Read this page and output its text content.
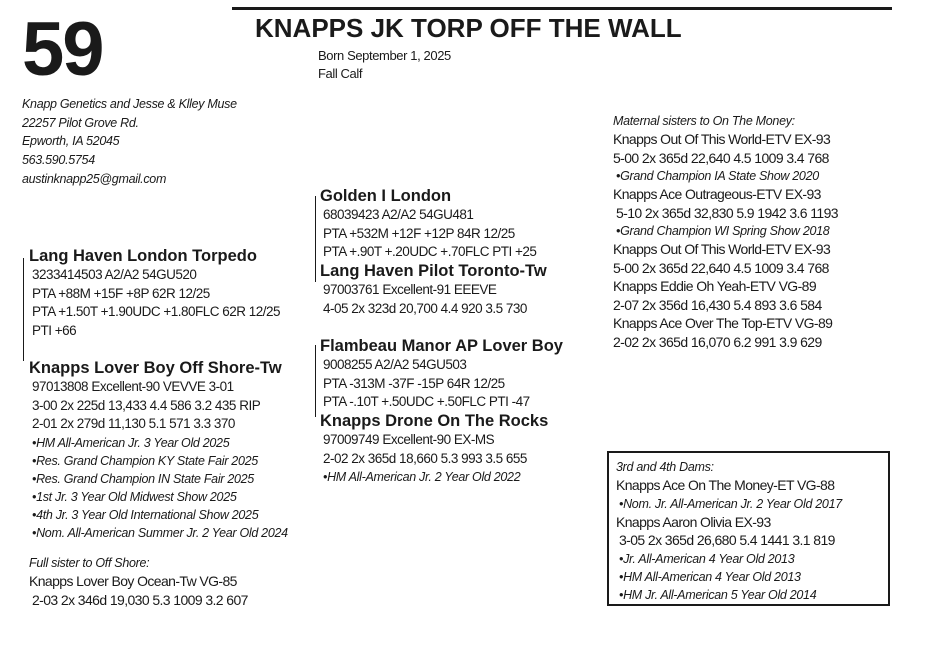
59	KNAPPS JK TORP OFF THE WALL
Born September 1, 2025
Fall Calf
Knapp Genetics and Jesse & Klley Muse
22257 Pilot Grove Rd.
Epworth, IA 52045
563.590.5754
austinknapp25@gmail.com
Lang Haven London Torpedo
3233414503 A2/A2 54GU520
PTA +88M +15F +8P 62R 12/25
PTA +1.50T +1.90UDC +1.80FLC 62R 12/25
PTI +66
Knapps Lover Boy Off Shore-Tw
97013808 Excellent-90 VEVVE 3-01
3-00 2x 225d 13,433 4.4 586 3.2 435 RIP
2-01 2x 279d 11,130 5.1 571 3.3 370
•HM All-American Jr. 3 Year Old 2025
•Res. Grand Champion KY State Fair 2025
•Res. Grand Champion IN State Fair 2025
•1st Jr. 3 Year Old Midwest Show 2025
•4th Jr. 3 Year Old International Show 2025
•Nom. All-American Summer Jr. 2 Year Old 2024
Full sister to Off Shore:
Knapps Lover Boy Ocean-Tw VG-85
2-03 2x 346d 19,030 5.3 1009 3.2 607
Golden I London
68039423 A2/A2 54GU481
PTA +532M +12F +12P 84R 12/25
PTA +.90T +.20UDC +.70FLC PTI +25
Lang Haven Pilot Toronto-Tw
97003761 Excellent-91 EEEVE
4-05 2x 323d 20,700 4.4 920 3.5 730
Flambeau Manor AP Lover Boy
9008255 A2/A2 54GU503
PTA -313M -37F -15P 64R 12/25
PTA -.10T +.50UDC +.50FLC PTI -47
Knapps Drone On The Rocks
97009749 Excellent-90 EX-MS
2-02 2x 365d 18,660 5.3 993 3.5 655
•HM All-American Jr. 2 Year Old 2022
Maternal sisters to On The Money:
Knapps Out Of This World-ETV EX-93
5-00 2x 365d 22,640 4.5 1009 3.4 768
•Grand Champion IA State Show 2020
Knapps Ace Outrageous-ETV EX-93
5-10 2x 365d 32,830 5.9 1942 3.6 1193
•Grand Champion WI Spring Show 2018
Knapps Out Of This World-ETV EX-93
5-00 2x 365d 22,640 4.5 1009 3.4 768
Knapps Eddie Oh Yeah-ETV VG-89
2-07 2x 356d 16,430 5.4 893 3.6 584
Knapps Ace Over The Top-ETV VG-89
2-02 2x 365d 16,070 6.2 991 3.9 629
3rd and 4th Dams:
Knapps Ace On The Money-ET VG-88
•Nom. Jr. All-American Jr. 2 Year Old 2017
Knapps Aaron Olivia EX-93
3-05 2x 365d 26,680 5.4 1441 3.1 819
•Jr. All-American 4 Year Old 2013
•HM All-American 4 Year Old 2013
•HM Jr. All-American 5 Year Old 2014
